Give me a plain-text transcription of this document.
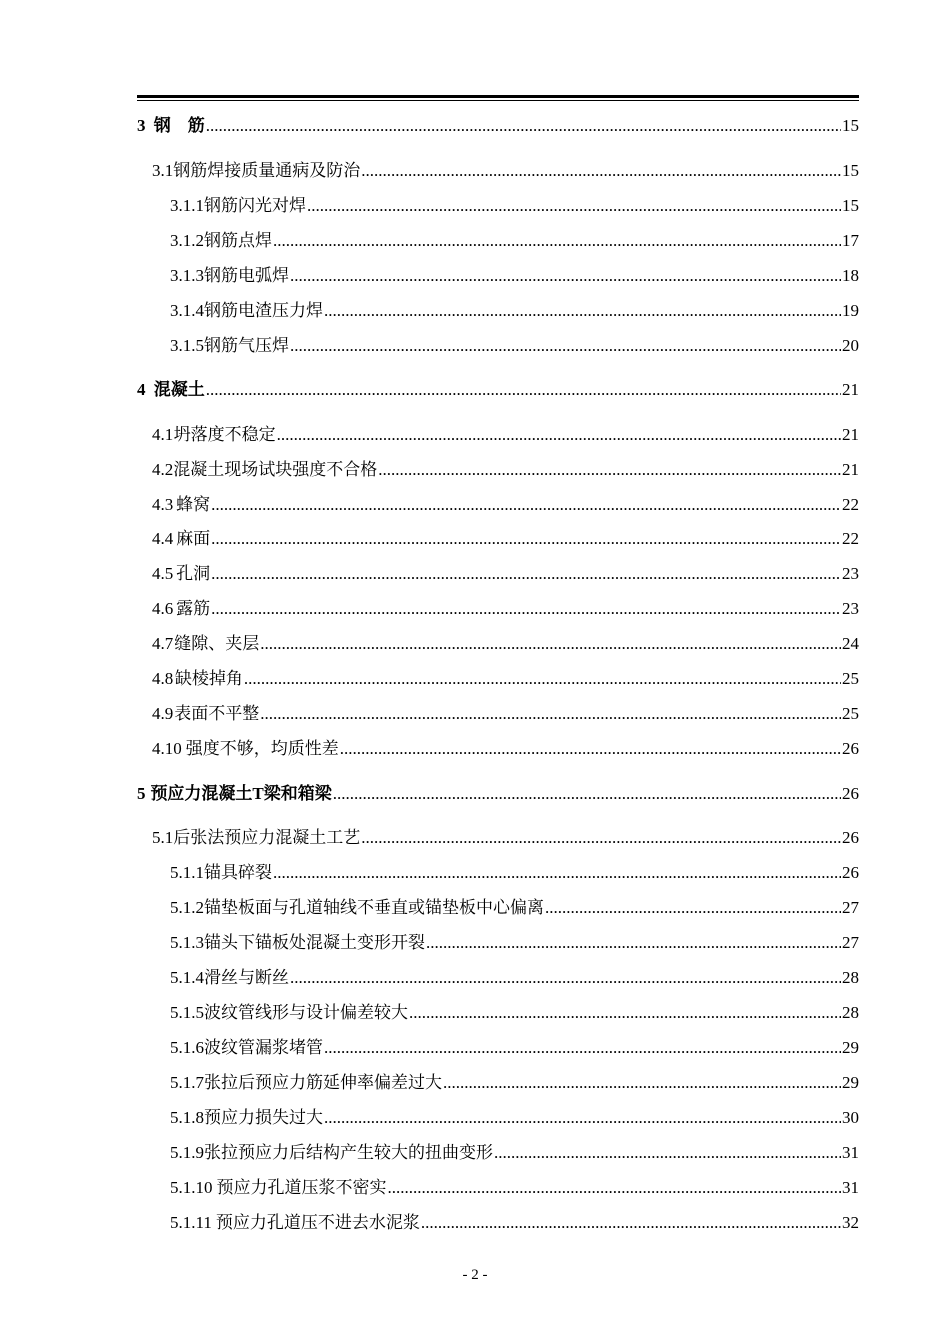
3 钢　筋 .....	15
3.1 钢筋焊接质量通病及防治 .....	15
3.1.1 钢筋闪光对焊 .....	15
3.1.2 钢筋点焊 .....	17
3.1.3 钢筋电弧焊 .....	18
3.1.4 钢筋电渣压力焊 .....	19
3.1.5 钢筋气压焊 .....	20
4 混凝土 .....	21
4.1 坍落度不稳定 .....	21
4.2 混凝土现场试块强度不合格 .....	21
4.3 蜂窝 .....	22
4.4 麻面 .....	22
4.5 孔洞 .....	23
4.6 露筋 .....	23
4.7 缝隙、夹层 .....	24
4.8 缺棱掉角 .....	25
4.9 表面不平整 .....	25
4.10 强度不够，均质性差 .....	26
5 预应力混凝土T梁和箱梁 .....	26
5.1 后张法预应力混凝土工艺 .....	26
5.1.1 锚具碎裂 .....	26
5.1.2 锚垫板面与孔道轴线不垂直或锚垫板中心偏离 .....	27
5.1.3 锚头下锚板处混凝土变形开裂 .....	27
5.1.4 滑丝与断丝 .....	28
5.1.5 波纹管线形与设计偏差较大 .....	28
5.1.6 波纹管漏浆堵管 .....	29
5.1.7 张拉后预应力筋延伸率偏差过大 .....	29
5.1.8 预应力损失过大 .....	30
5.1.9 张拉预应力后结构产生较大的扭曲变形 .....	31
5.1.10 预应力孔道压浆不密实 .....	31
5.1.11 预应力孔道压不进去水泥浆 .....	32
- 2 -
